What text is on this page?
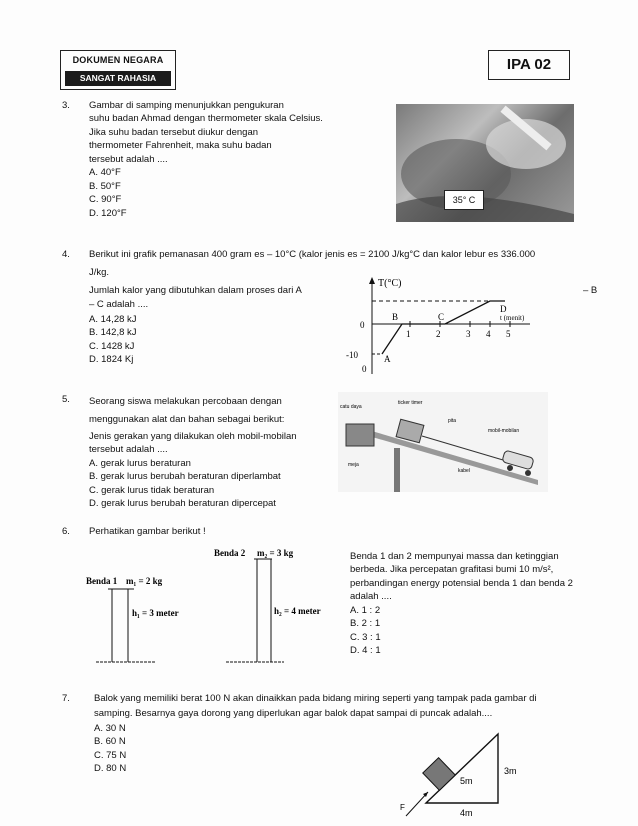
DOKUMEN NEGARA
SANGAT RAHASIA
IPA 02
3. Gambar di samping menunjukkan pengukuran
suhu badan Ahmad dengan thermometer skala Celsius.
Jika suhu badan tersebut diukur dengan
thermometer Fahrenheit, maka suhu badan
tersebut adalah ....
A. 40°F
B. 50°F
C. 90°F
D. 120°F
35° C
4. Berikut ini grafik pemanasan 400 gram es – 10°C (kalor jenis es = 2100 J/kg°C dan kalor lebur es 336.000
J/kg.
Jumlah kalor yang dibutuhkan dalam proses dari A
– C adalah ....
A. 14,28 kJ
B. 142,8 kJ
C. 1428 kJ
D. 1824 Kj
– B
T(°C)
t (menit)
0
-10
0
1	2	3 4 5
A
B	C
D
5. Seorang siswa melakukan percobaan dengan
menggunakan alat dan bahan sebagai berikut:
Jenis gerakan yang dilakukan oleh mobil-mobilan
tersebut adalah ....
A. gerak lurus beraturan
B. gerak lurus berubah beraturan diperlambat
C. gerak lurus tidak beraturan
D. gerak lurus berubah beraturan dipercepat
catu daya
ticker timer
pita
mobil-mobilan
meja
kabel
6. Perhatikan gambar berikut !
Benda 1 m₁ = 2 kg
h₁ = 3 meter
Benda 2 m₂ = 3 kg
h₂ = 4 meter
Benda 1 dan 2 mempunyai massa dan ketinggian
berbeda. Jika percepatan grafitasi bumi 10 m/s²,
perbandingan energy potensial benda 1 dan benda 2
adalah ....
A. 1 : 2
B. 2 : 1
C. 3 : 1
D. 4 : 1
7.	Balok yang memiliki berat 100 N akan dinaikkan pada bidang miring seperti yang tampak pada gambar di
samping. Besarnya gaya dorong yang diperlukan agar balok dapat sampai di puncak adalah....
A. 30 N
B. 60 N
C. 75 N
D. 80 N
F
5m
3m
4m
